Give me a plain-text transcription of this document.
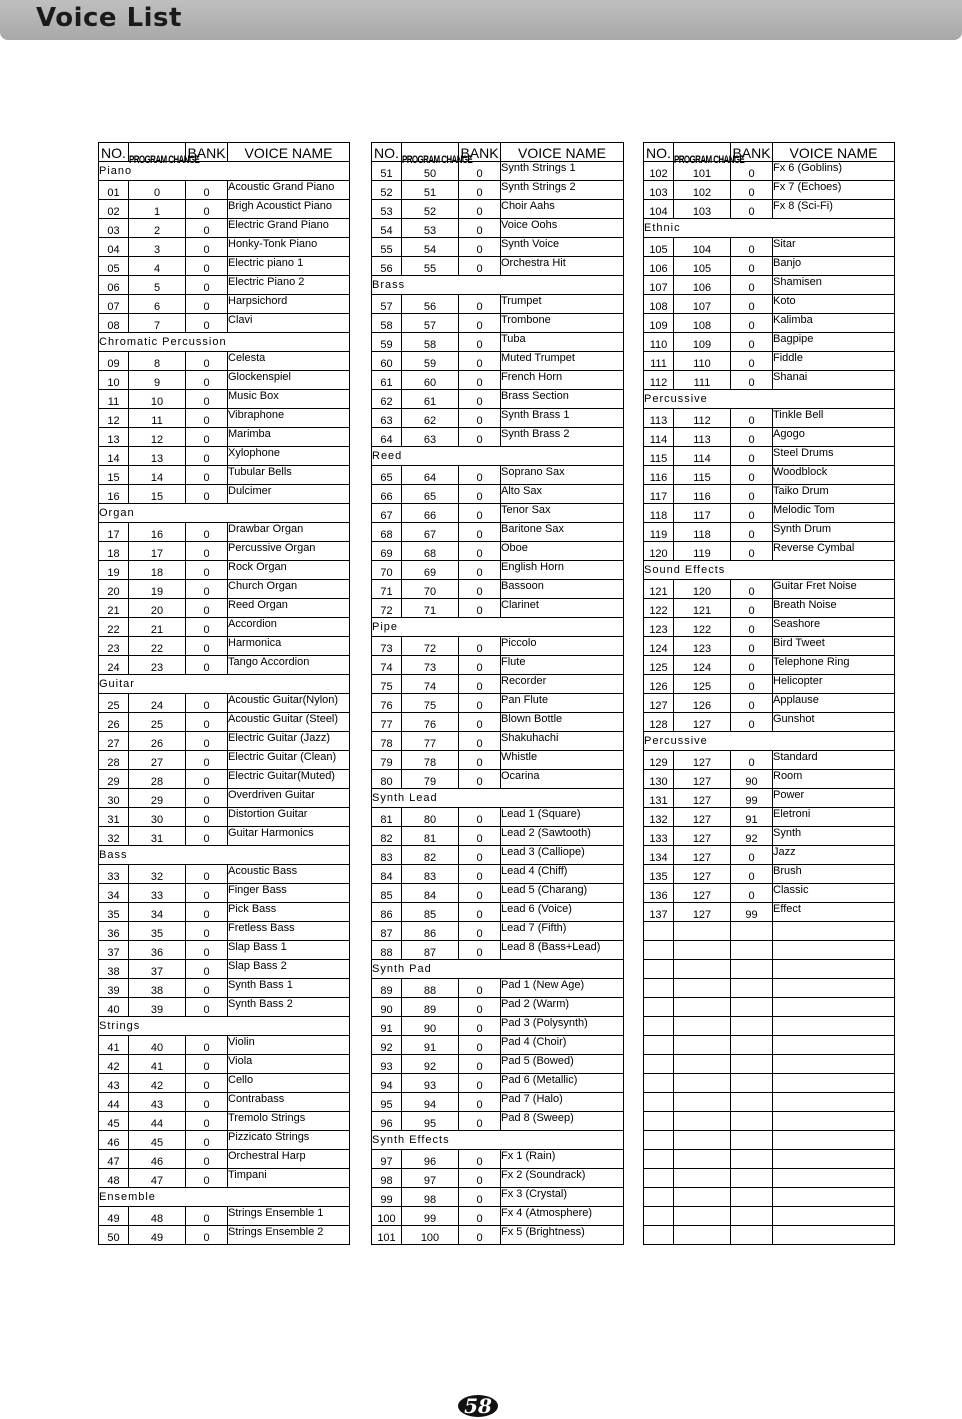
Voice List
NO.	PROGRAM CHANGE	BANK	VOICE NAME
Piano			
01	0	0	Acoustic Grand Piano
02	1	0	Brigh Acoustict Piano
03	2	0	Electric Grand Piano
04	3	0	Honky-Tonk Piano
05	4	0	Electric piano 1
06	5	0	Electric Piano 2
07	6	0	Harpsichord
08	7	0	Clavi
Chromatic Percussion			
09	8	0	Celesta
10	9	0	Glockenspiel
11	10	0	Music Box
12	11	0	Vibraphone
13	12	0	Marimba
14	13	0	Xylophone
15	14	0	Tubular Bells
16	15	0	Dulcimer
Organ			
17	16	0	Drawbar Organ
18	17	0	Percussive Organ
19	18	0	Rock Organ
20	19	0	Church Organ
21	20	0	Reed Organ
22	21	0	Accordion
23	22	0	Harmonica
24	23	0	Tango Accordion
Guitar			
25	24	0	Acoustic Guitar(Nylon)
26	25	0	Acoustic Guitar (Steel)
27	26	0	Electric Guitar (Jazz)
28	27	0	Electric Guitar (Clean)
29	28	0	Electric Guitar(Muted)
30	29	0	Overdriven Guitar
31	30	0	Distortion Guitar
32	31	0	Guitar Harmonics
Bass			
33	32	0	Acoustic Bass
34	33	0	Finger Bass
35	34	0	Pick Bass
36	35	0	Fretless Bass
37	36	0	Slap Bass 1
38	37	0	Slap Bass 2
39	38	0	Synth Bass 1
40	39	0	Synth Bass 2
Strings			
41	40	0	Violin
42	41	0	Viola
43	42	0	Cello
44	43	0	Contrabass
45	44	0	Tremolo Strings
46	45	0	Pizzicato Strings
47	46	0	Orchestral Harp
48	47	0	Timpani
Ensemble			
49	48	0	Strings Ensemble 1
50	49	0	Strings Ensemble 2
NO.	PROGRAM CHANGE	BANK	VOICE NAME
51	50	0	Synth Strings 1
52	51	0	Synth Strings 2
53	52	0	Choir Aahs
54	53	0	Voice Oohs
55	54	0	Synth Voice
56	55	0	Orchestra Hit
Brass			
57	56	0	Trumpet
58	57	0	Trombone
59	58	0	Tuba
60	59	0	Muted Trumpet
61	60	0	French Horn
62	61	0	Brass Section
63	62	0	Synth Brass 1
64	63	0	Synth Brass 2
Reed			
65	64	0	Soprano Sax
66	65	0	Alto Sax
67	66	0	Tenor Sax
68	67	0	Baritone Sax
69	68	0	Oboe
70	69	0	English Horn
71	70	0	Bassoon
72	71	0	Clarinet
Pipe			
73	72	0	Piccolo
74	73	0	Flute
75	74	0	Recorder
76	75	0	Pan Flute
77	76	0	Blown Bottle
78	77	0	Shakuhachi
79	78	0	Whistle
80	79	0	Ocarina
Synth Lead			
81	80	0	Lead 1 (Square)
82	81	0	Lead 2 (Sawtooth)
83	82	0	Lead 3 (Calliope)
84	83	0	Lead 4 (Chiff)
85	84	0	Lead 5 (Charang)
86	85	0	Lead 6 (Voice)
87	86	0	Lead 7 (Fifth)
88	87	0	Lead 8 (Bass+Lead)
Synth Pad			
89	88	0	Pad 1 (New Age)
90	89	0	Pad 2 (Warm)
91	90	0	Pad 3 (Polysynth)
92	91	0	Pad 4 (Choir)
93	92	0	Pad 5 (Bowed)
94	93	0	Pad 6 (Metallic)
95	94	0	Pad 7 (Halo)
96	95	0	Pad 8 (Sweep)
Synth Effects			
97	96	0	Fx 1 (Rain)
98	97	0	Fx 2 (Soundrack)
99	98	0	Fx 3 (Crystal)
100	99	0	Fx 4 (Atmosphere)
101	100	0	Fx 5 (Brightness)
NO.	PROGRAM CHANGE	BANK	VOICE NAME
102	101	0	Fx 6 (Goblins)
103	102	0	Fx 7 (Echoes)
104	103	0	Fx 8 (Sci-Fi)
Ethnic			
105	104	0	Sitar
106	105	0	Banjo
107	106	0	Shamisen
108	107	0	Koto
109	108	0	Kalimba
110	109	0	Bagpipe
111	110	0	Fiddle
112	111	0	Shanai
Percussive			
113	112	0	Tinkle Bell
114	113	0	Agogo
115	114	0	Steel Drums
116	115	0	Woodblock
117	116	0	Taiko Drum
118	117	0	Melodic Tom
119	118	0	Synth Drum
120	119	0	Reverse Cymbal
Sound Effects			
121	120	0	Guitar Fret Noise
122	121	0	Breath Noise
123	122	0	Seashore
124	123	0	Bird Tweet
125	124	0	Telephone Ring
126	125	0	Helicopter
127	126	0	Applause
128	127	0	Gunshot
Percussive			
129	127	0	Standard
130	127	90	Room
131	127	99	Power
132	127	91	Eletroni
133	127	92	Synth
134	127	0	Jazz
135	127	0	Brush
136	127	0	Classic
137	127	99	Effect

58
